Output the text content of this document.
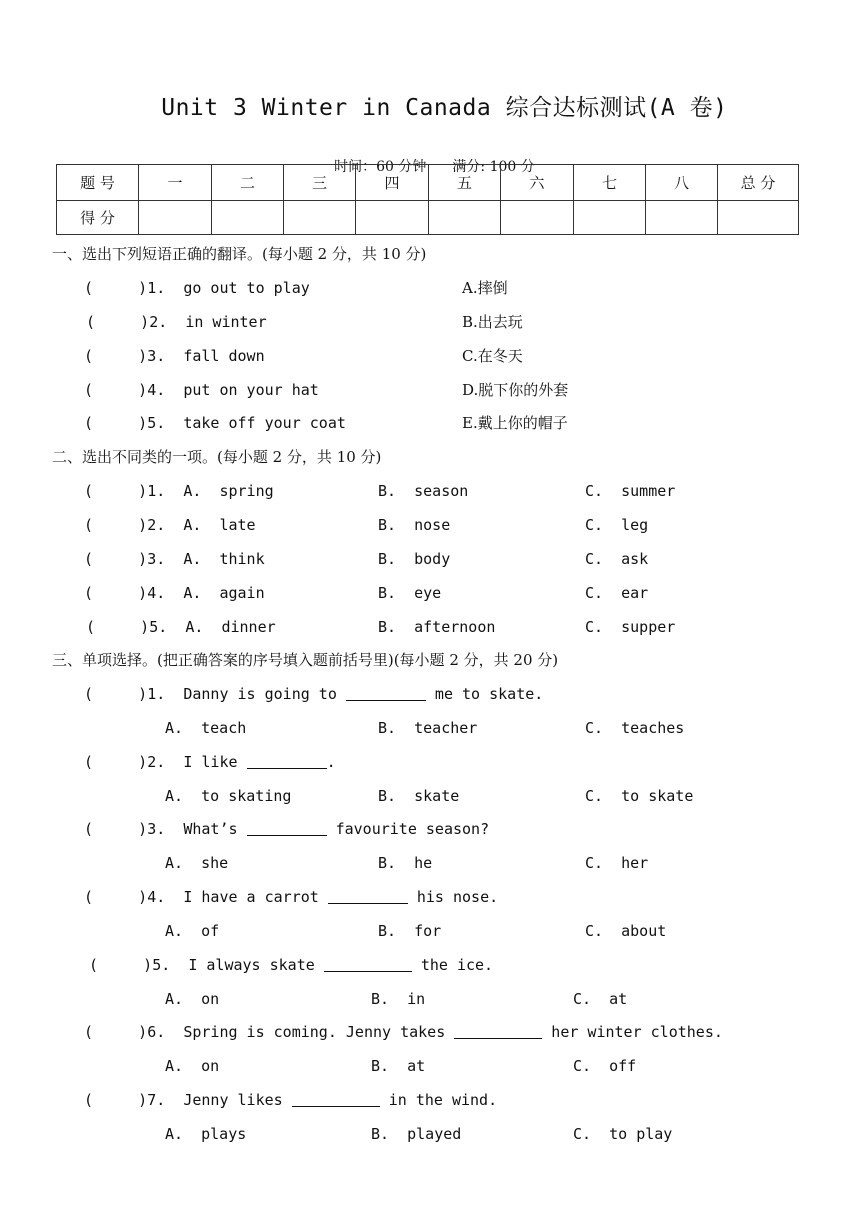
Unit 3 Winter in Canada 综合达标测试(A 卷)

时间：60 分钟 满分: 100 分

题 号	一	二	三	四	五	六	七	八	总 分
得 分									
一、选出下列短语正确的翻译。(每小题 2 分，共 10 分)
(     )1.  go out to play	A.摔倒
(     )2.  in winter	B.出去玩
(     )3.  fall down	C.在冬天
(     )4.  put on your hat	D.脱下你的外套
(     )5.  take off your coat	E.戴上你的帽子
二、选出不同类的一项。(每小题 2 分，共 10 分)
(     )1.  A.  spring	B.  season	C.  summer
(     )2.  A.  late	B.  nose	C.  leg
(     )3.  A.  think	B.  body	C.  ask
(     )4.  A.  again	B.  eye	C.  ear
(     )5.  A.  dinner	B.  afternoon	C.  supper
三、单项选择。(把正确答案的序号填入题前括号里)(每小题 2 分，共 20 分)
(     )1.  Danny is going to	me to skate.
A.  teach	B.  teacher	C.  teaches
(     )2.  I like	.
A.  to skating	B.  skate	C.  to skate
(     )3.  What’s	favourite season?
A.  she	B.  he	C.  her
(     )4.  I have a carrot	his nose.
A.  of	B.  for	C.  about
(     )5.  I always skate	the ice.
A.  on	B.  in	C.  at
(     )6.  Spring is coming. Jenny takes	her winter clothes.
A.  on	B.  at	C.  off
(     )7.  Jenny likes	in the wind.
A.  plays	B.  played	C.  to play
